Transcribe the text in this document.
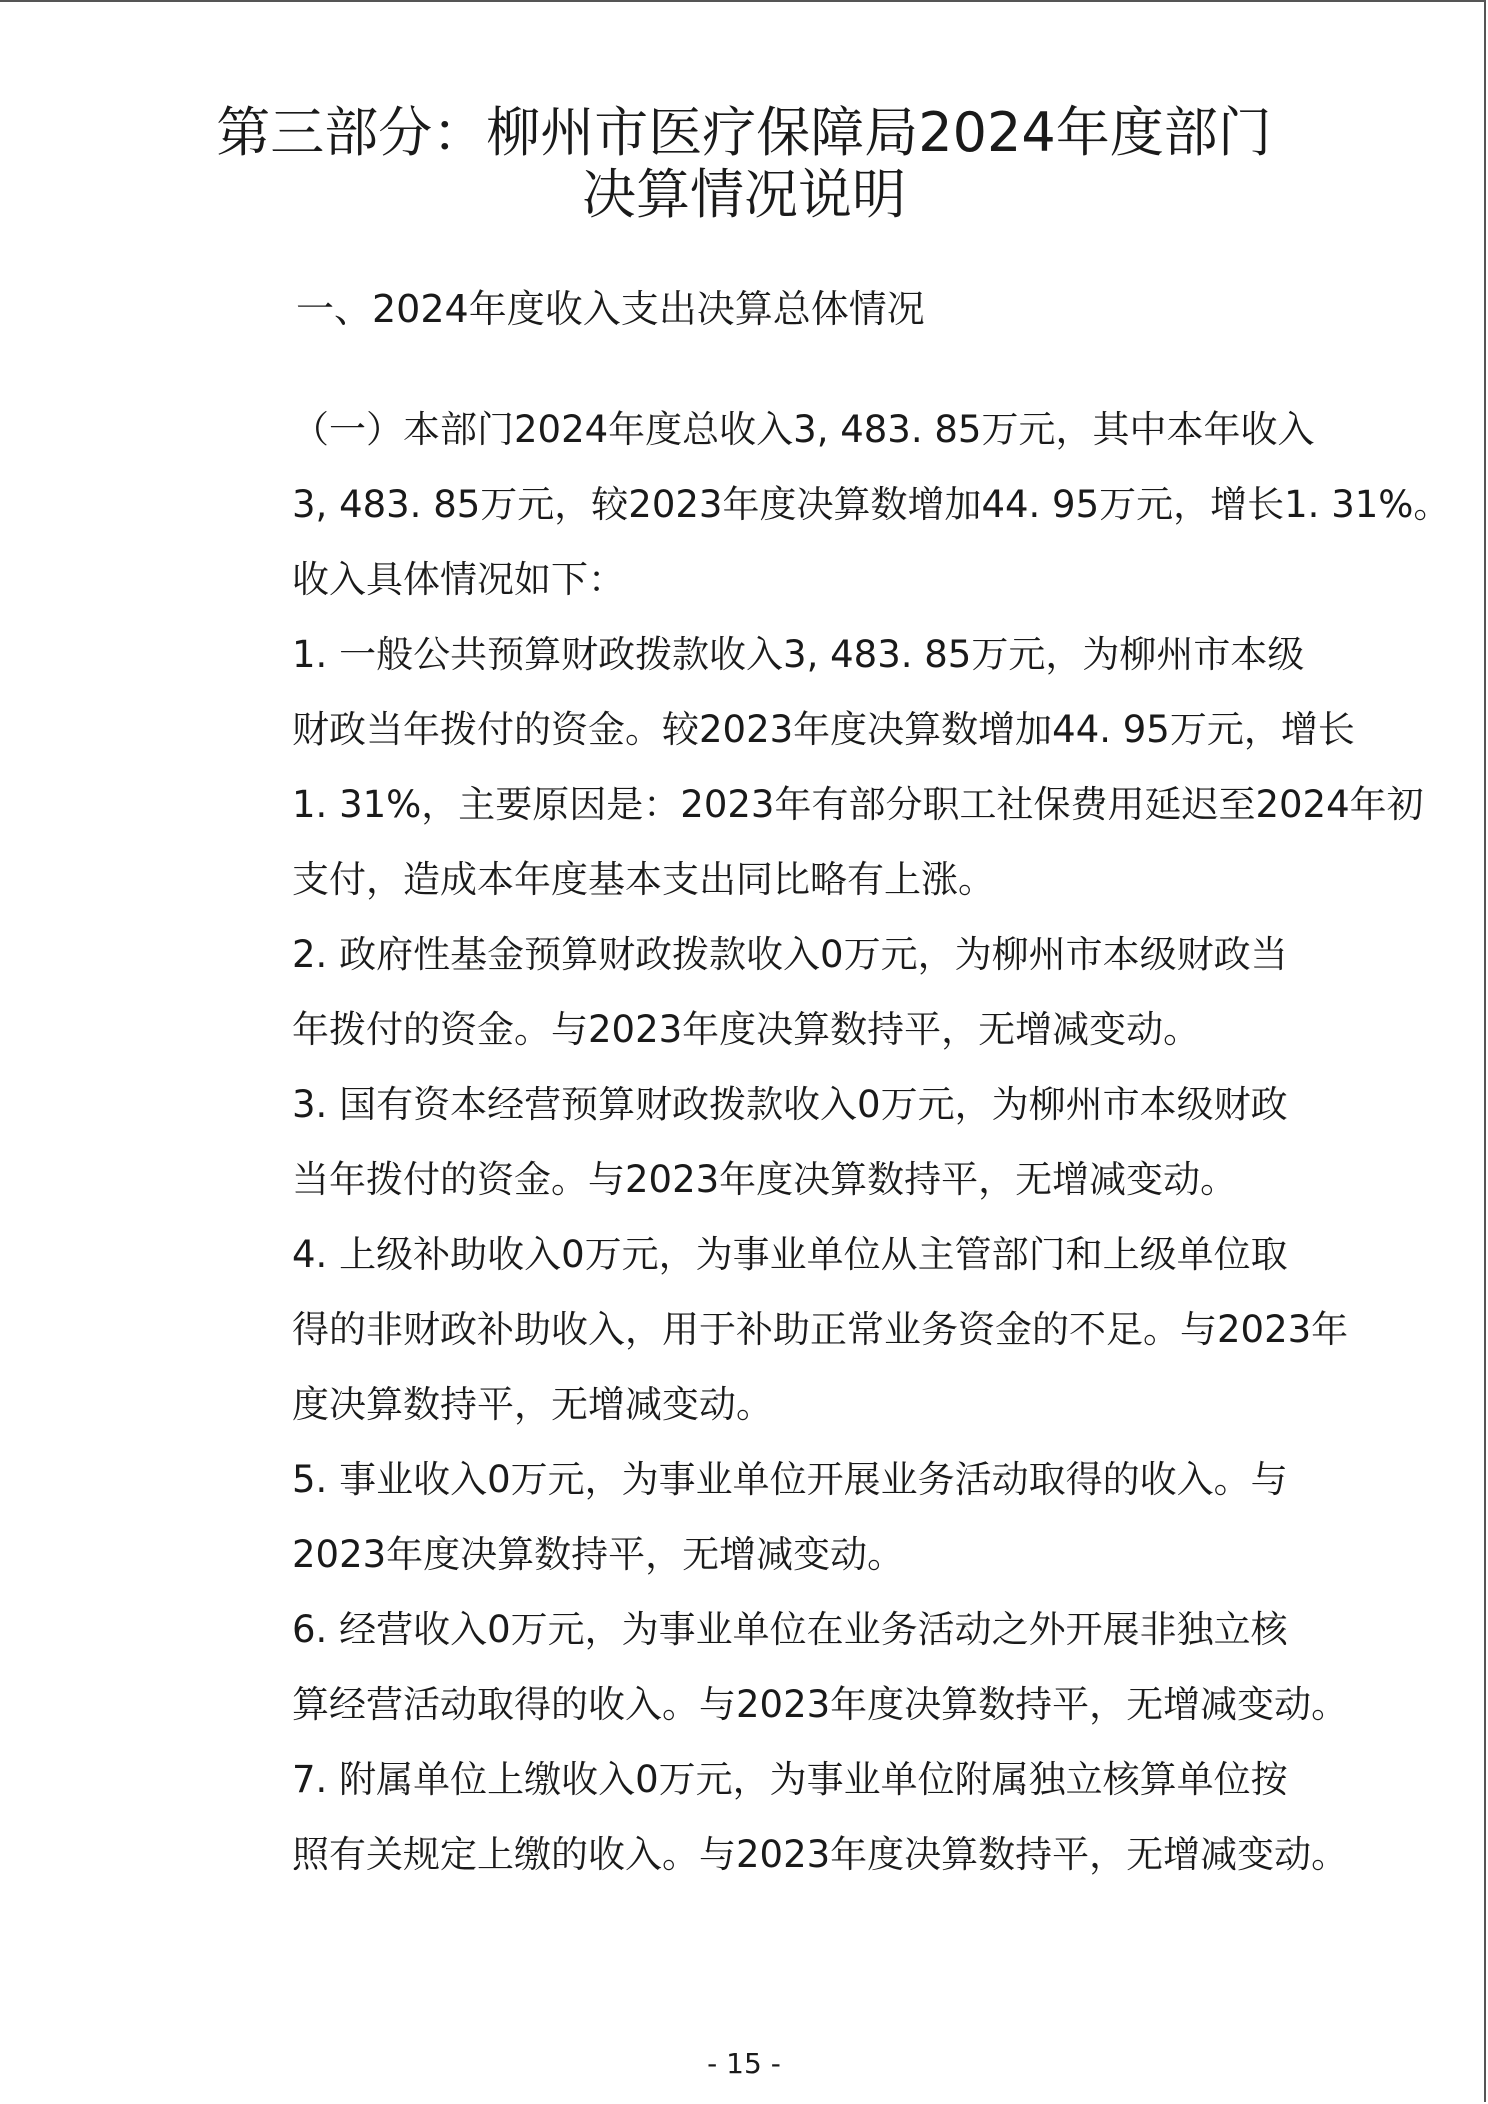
第三部分：柳州市医疗保障局2024年度部门
决算情况说明
一、2024年度收入支出决算总体情况

（一）本部门2024年度总收入3, 483. 85万元，其中本年收入
3, 483. 85万元，较2023年度决算数增加44. 95万元，增长1. 31%。
收入具体情况如下：

1. 一般公共预算财政拨款收入3, 483. 85万元，为柳州市本级
财政当年拨付的资金。较2023年度决算数增加44. 95万元，增长
1. 31%，主要原因是：2023年有部分职工社保费用延迟至2024年初
支付，造成本年度基本支出同比略有上涨。

2. 政府性基金预算财政拨款收入0万元，为柳州市本级财政当
年拨付的资金。与2023年度决算数持平，无增减变动。

3. 国有资本经营预算财政拨款收入0万元，为柳州市本级财政
当年拨付的资金。与2023年度决算数持平，无增减变动。

4. 上级补助收入0万元，为事业单位从主管部门和上级单位取
得的非财政补助收入，用于补助正常业务资金的不足。与2023年
度决算数持平，无增减变动。

5. 事业收入0万元，为事业单位开展业务活动取得的收入。与
2023年度决算数持平，无增减变动。

6. 经营收入0万元，为事业单位在业务活动之外开展非独立核
算经营活动取得的收入。与2023年度决算数持平，无增减变动。

7. 附属单位上缴收入0万元，为事业单位附属独立核算单位按
照有关规定上缴的收入。与2023年度决算数持平，无增减变动。

- 15 -
